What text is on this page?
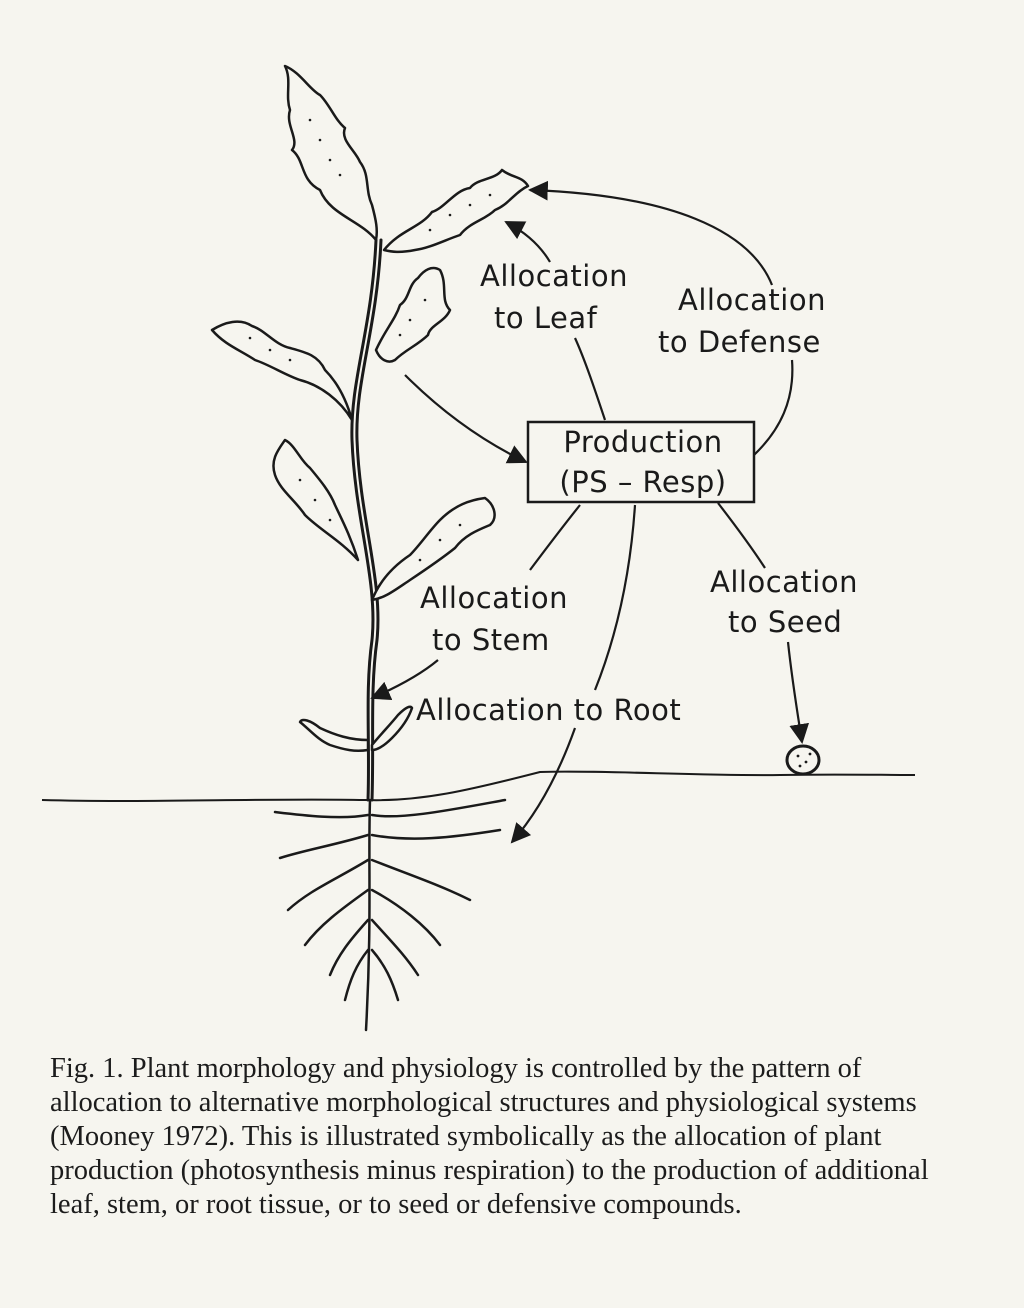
Production
(PS – Resp)
Allocation
to Leaf
Allocation
to Defense
Allocation
to Stem
Allocation
to Seed
Allocation to Root

Fig. 1. Plant morphology and physiology is controlled by the pattern of allocation to alternative morphological structures and physiological systems (Mooney 1972). This is illustrated symbolically as the allocation of plant production (photosynthesis minus respiration) to the production of additional leaf, stem, or root tissue, or to seed or defensive compounds.
